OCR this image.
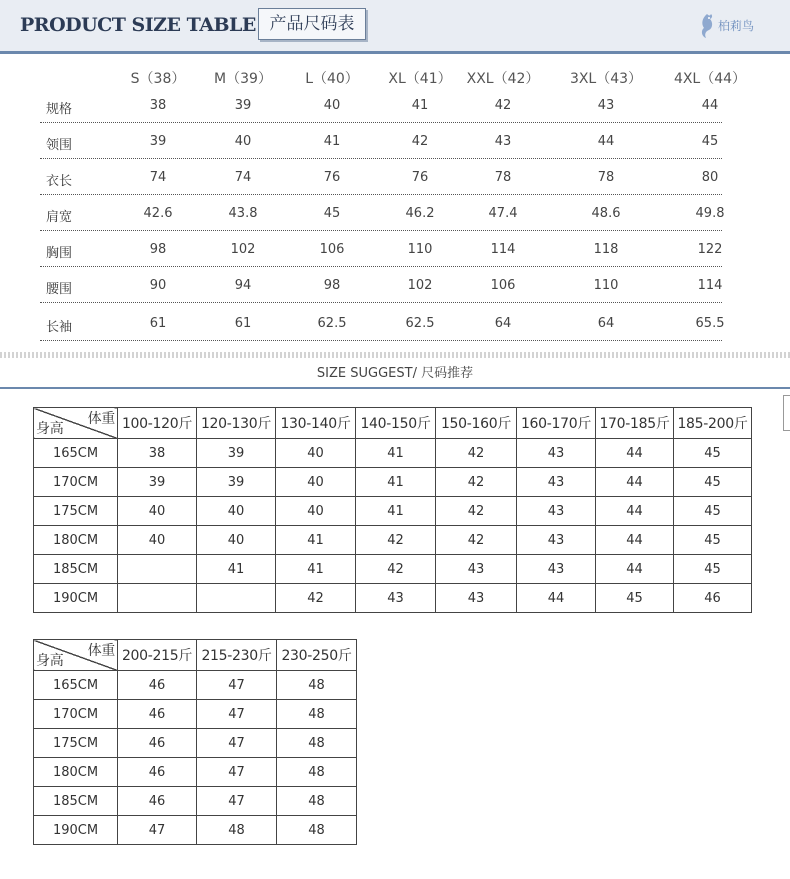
PRODUCT SIZE TABLE 产品尺码表	柏莉鸟
S（38） M（39） L（40） XL（41） XXL（42） 3XL（43） 4XL（44）
规格	38	39	40	41	42	43	44
领围	39	40	41	42	43	44	45
衣长	74	74	76	76	78	78	80
肩宽	42.6	43.8	45	46.2	47.4	48.6	49.8
胸围	98	102	106	110	114	118	122
腰围	90	94	98	102	106	110	114
长袖	61	61	62.5	62.5	64	64	65.5
SIZE SUGGEST/ 尺码推荐
体重
身高	100-120斤	120-130斤	130-140斤	140-150斤	150-160斤	160-170斤	170-185斤	185-200斤
165CM	38	39	40	41	42	43	44	45
170CM	39	39	40	41	42	43	44	45
175CM	40	40	40	41	42	43	44	45
180CM	40	40	41	42	42	43	44	45
185CM		41	41	42	43	43	44	45
190CM			42	43	43	44	45	46
体重
身高	200-215斤	215-230斤	230-250斤
165CM	46	47	48
170CM	46	47	48
175CM	46	47	48
180CM	46	47	48
185CM	46	47	48
190CM	47	48	48
